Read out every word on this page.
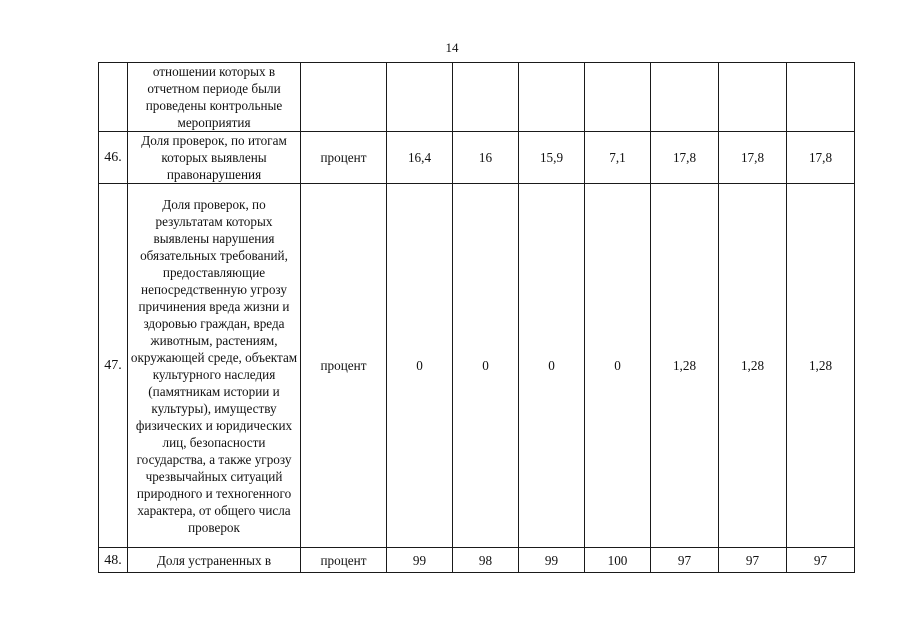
14
	отношении которых в отчетном периоде были проведены контрольные мероприятия								
46.	Доля проверок, по итогам которых выявлены правонарушения	процент	16,4	16	15,9	7,1	17,8	17,8	17,8
47.	Доля проверок, по результатам которых выявлены нарушения обязательных требований, предоставляющие непосредственную угрозу причинения вреда жизни и здоровью граждан, вреда животным, растениям, окружающей среде, объектам культурного наследия (памятникам истории и культуры), имуществу физических и юридических лиц, безопасности государства, а также угрозу чрезвычайных ситуаций природного и техногенного характера, от общего числа проверок	процент	0	0	0	0	1,28	1,28	1,28
48.	Доля устраненных в	процент	99	98	99	100	97	97	97
